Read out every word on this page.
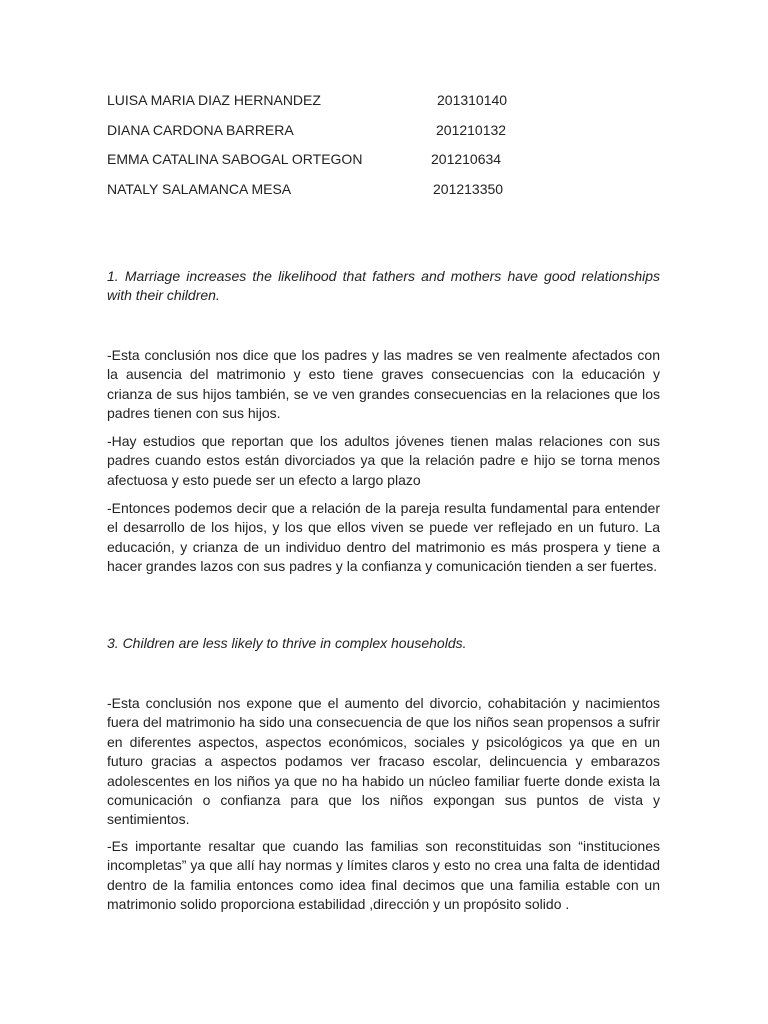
LUISA MARIA DIAZ HERNANDEZ	201310140
DIANA CARDONA BARRERA	201210132
EMMA CATALINA SABOGAL ORTEGON	201210634
NATALY SALAMANCA MESA	201213350

1. Marriage increases the likelihood that fathers and mothers have good relationships with their children.

-Esta conclusión nos dice que los padres y las madres se ven realmente afectados con la ausencia del matrimonio y esto tiene graves consecuencias con la educación y crianza de sus hijos también, se ve ven grandes consecuencias en la relaciones que los padres tienen con sus hijos.

-Hay estudios que reportan que los adultos jóvenes tienen malas relaciones con sus padres cuando estos están divorciados ya que la relación padre e hijo se torna menos afectuosa y esto puede ser un efecto a largo plazo

-Entonces podemos decir que a relación de la pareja resulta fundamental para entender el desarrollo de los hijos, y los que ellos viven se puede ver reflejado en un futuro. La educación, y crianza de un individuo dentro del matrimonio es más prospera y tiene a hacer grandes lazos con sus padres y la confianza y comunicación tienden a ser fuertes.

3. Children are less likely to thrive in complex households.

-Esta conclusión nos expone que el aumento del divorcio, cohabitación y nacimientos fuera del matrimonio ha sido una consecuencia de que los niños sean propensos a sufrir en diferentes aspectos, aspectos económicos, sociales y psicológicos ya que en un futuro gracias a aspectos podamos ver fracaso escolar, delincuencia y embarazos adolescentes en los niños ya que no ha habido un núcleo familiar fuerte donde exista la comunicación o confianza para que los niños expongan sus puntos de vista y sentimientos.

-Es importante resaltar que cuando las familias son reconstituidas son “instituciones incompletas” ya que allí hay normas y límites claros y esto no crea una falta de identidad dentro de la familia entonces como idea final decimos que una familia estable con un matrimonio solido proporciona estabilidad ,dirección y un propósito solido .
